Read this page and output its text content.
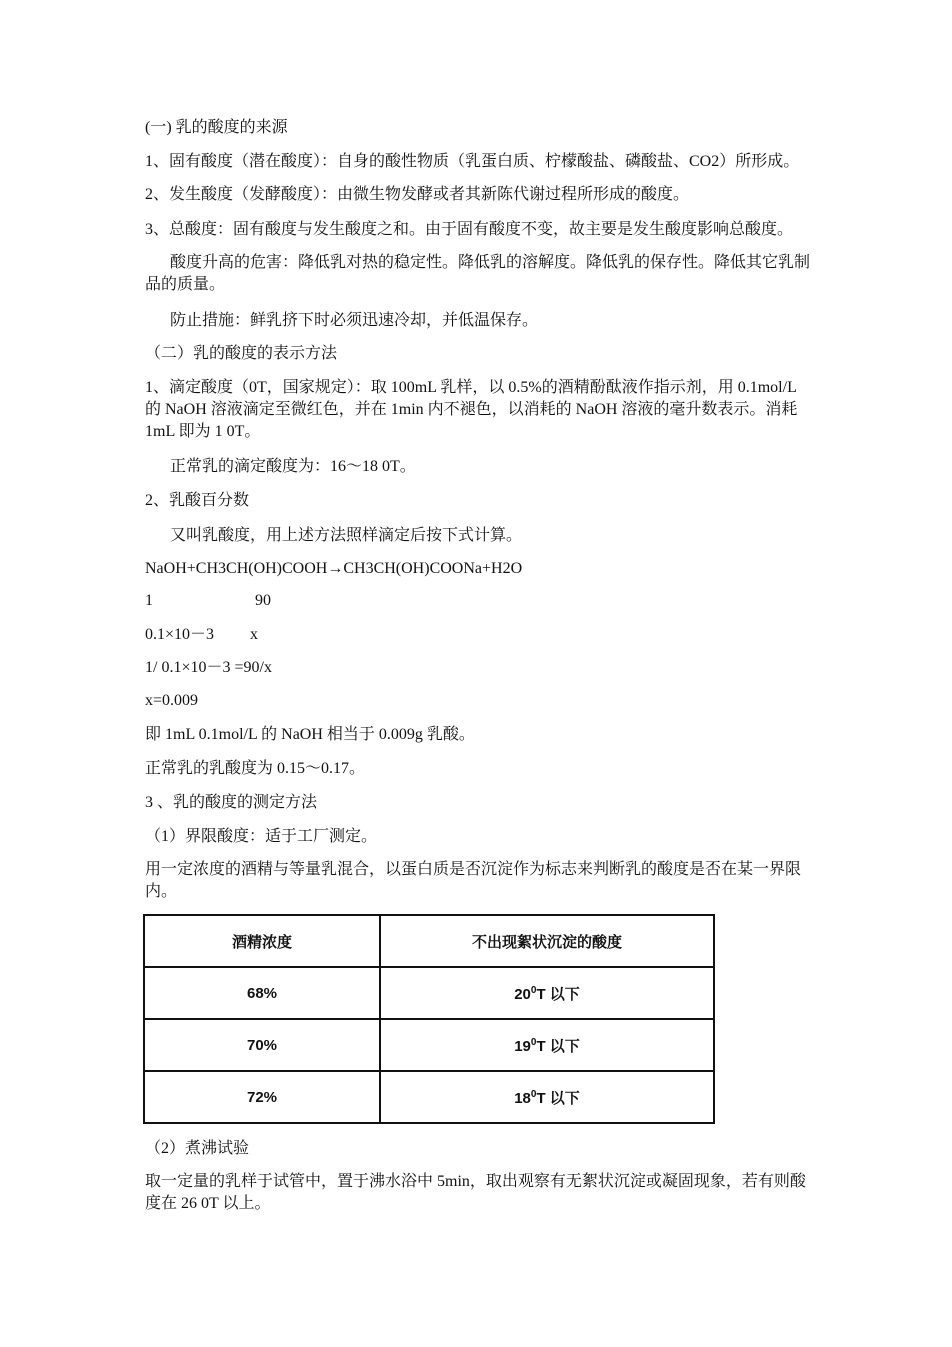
(一) 乳的酸度的来源
1、固有酸度（潜在酸度）：自身的酸性物质（乳蛋白质、柠檬酸盐、磷酸盐、CO2）所形成。
2、发生酸度（发酵酸度）：由微生物发酵或者其新陈代谢过程所形成的酸度。
3、总酸度：固有酸度与发生酸度之和。由于固有酸度不变，故主要是发生酸度影响总酸度。
酸度升高的危害：降低乳对热的稳定性。降低乳的溶解度。降低乳的保存性。降低其它乳制品的质量。
防止措施：鲜乳挤下时必须迅速冷却，并低温保存。
（二）乳的酸度的表示方法
1、滴定酸度（0T，国家规定）：取 100mL 乳样，以 0.5%的酒精酚酞液作指示剂，用 0.1mol/L 的 NaOH 溶液滴定至微红色，并在 1min 内不褪色，以消耗的 NaOH 溶液的毫升数表示。消耗 1mL 即为 1 0T。
正常乳的滴定酸度为：16～18 0T。
2、乳酸百分数
又叫乳酸度，用上述方法照样滴定后按下式计算。
NaOH+CH3CH(OH)COOH→CH3CH(OH)COONa+H2O
1	90
0.1×10－3 x
1/ 0.1×10－3 =90/x
x=0.009
即 1mL 0.1mol/L 的 NaOH 相当于 0.009g 乳酸。
正常乳的乳酸度为 0.15～0.17。
3 、乳的酸度的测定方法
（1）界限酸度：适于工厂测定。
用一定浓度的酒精与等量乳混合，以蛋白质是否沉淀作为标志来判断乳的酸度是否在某一界限内。
酒精浓度	不出现絮状沉淀的酸度
68%	$20^0T$ 以下
70%	$19^0T$ 以下
72%	$18^0T$ 以下
（2）煮沸试验
取一定量的乳样于试管中，置于沸水浴中 5min，取出观察有无絮状沉淀或凝固现象，若有则酸度在 26 0T 以上。
